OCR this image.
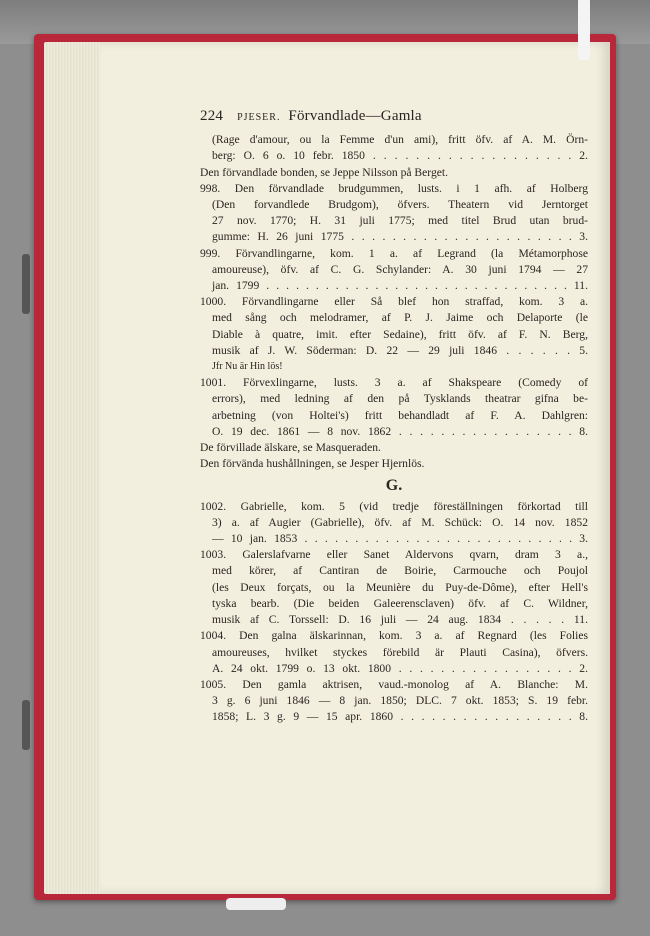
224 PJESER. Förvandlade—Gamla
(Rage d'amour, ou la Femme d'un ami), fritt öfv. af A. M. Örn-
berg: O. 6 o. 10 febr. 1850 . . . . . . . . . . . . . . . . . . . 2.
Den förvandlade bonden, se Jeppe Nilsson på Berget.
998. Den förvandlade brudgummen, lusts. i 1 afh. af Holberg
(Den forvandlede Brudgom), öfvers. Theatern vid Jerntorget
27 nov. 1770; H. 31 juli 1775; med titel Brud utan brud-
gumme: H. 26 juni 1775 . . . . . . . . . . . . . . . . . . . . . . 3.
999. Förvandlingarne, kom. 1 a. af Legrand (la Métamorphose
amoureuse), öfv. af C. G. Schylander: A. 30 juni 1794 — 27
jan. 1799 . . . . . . . . . . . . . . . . . . . . . . . . . . . . . . . 11.
1000. Förvandlingarne eller Så blef hon straffad, kom. 3 a.
med sång och melodramer, af P. J. Jaime och Delaporte (le
Diable à quatre, imit. efter Sedaine), fritt öfv. af F. N. Berg,
musik af J. W. Söderman: D. 22 — 29 juli 1846 . . . . . . 5.
Jfr Nu är Hin lös!
1001. Förvexlingarne, lusts. 3 a. af Shakspeare (Comedy of
errors), med ledning af den på Tysklands theatrar gifna be-
arbetning (von Holtei's) fritt behandladt af F. A. Dahlgren:
O. 19 dec. 1861 — 8 nov. 1862 . . . . . . . . . . . . . . . . . 8.
De förvillade älskare, se Masqueraden.
Den förvända hushållningen, se Jesper Hjernlös.
G.
1002. Gabrielle, kom. 5 (vid tredje föreställningen förkortad till
3) a. af Augier (Gabrielle), öfv. af M. Schück: O. 14 nov. 1852
— 10 jan. 1853 . . . . . . . . . . . . . . . . . . . . . . . . . . . 3.
1003. Galerslafvarne eller Sanet Aldervons qvarn, dram 3 a.,
med körer, af Cantiran de Boirie, Carmouche och Poujol
(les Deux forçats, ou la Meunière du Puy-de-Dôme), efter Hell's
tyska bearb. (Die beiden Galeerensclaven) öfv. af C. Wildner,
musik af C. Torssell: D. 16 juli — 24 aug. 1834 . . . . . 11.
1004. Den galna älskarinnan, kom. 3 a. af Regnard (les Folies
amoureuses, hvilket styckes förebild är Plauti Casina), öfvers.
A. 24 okt. 1799 o. 13 okt. 1800 . . . . . . . . . . . . . . . . . 2.
1005. Den gamla aktrisen, vaud.-monolog af A. Blanche: M.
3 g. 6 juni 1846 — 8 jan. 1850; DLC. 7 okt. 1853; S. 19 febr.
1858; L. 3 g. 9 — 15 apr. 1860 . . . . . . . . . . . . . . . . . 8.
